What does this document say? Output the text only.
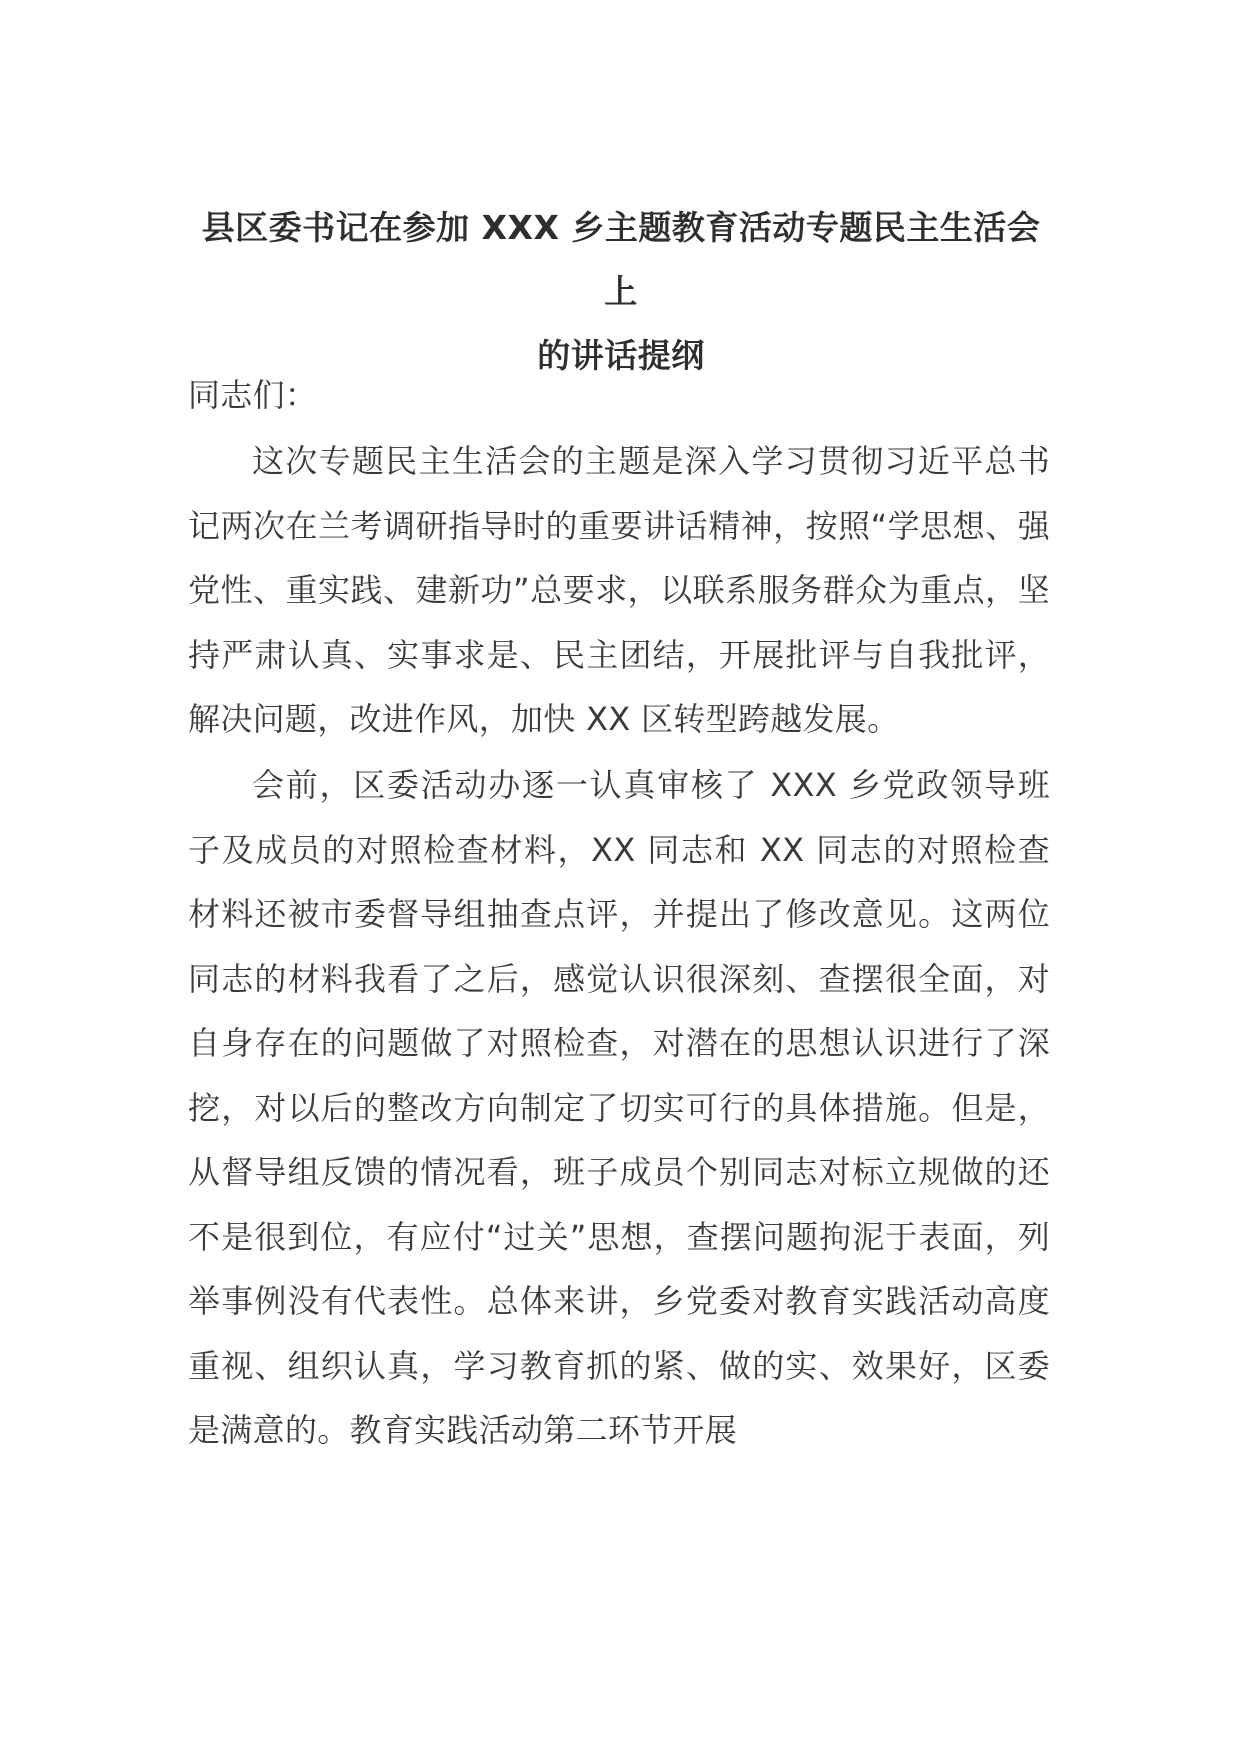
县区委书记在参加 XXX 乡主题教育活动专题民主生活会上
的讲话提纲

同志们：

这次专题民主生活会的主题是深入学习贯彻习近平总书记两次在兰考调研指导时的重要讲话精神，按照“学思想、强党性、重实践、建新功”总要求，以联系服务群众为重点，坚持严肃认真、实事求是、民主团结，开展批评与自我批评，解决问题，改进作风，加快 XX 区转型跨越发展。

会前，区委活动办逐一认真审核了 XXX 乡党政领导班子及成员的对照检查材料，XX 同志和 XX 同志的对照检查材料还被市委督导组抽查点评，并提出了修改意见。这两位同志的材料我看了之后，感觉认识很深刻、查摆很全面，对自身存在的问题做了对照检查，对潜在的思想认识进行了深挖，对以后的整改方向制定了切实可行的具体措施。但是，从督导组反馈的情况看，班子成员个别同志对标立规做的还不是很到位，有应付“过关”思想，查摆问题拘泥于表面，列举事例没有代表性。总体来讲，乡党委对教育实践活动高度重视、组织认真，学习教育抓的紧、做的实、效果好，区委是满意的。教育实践活动第二环节开展
